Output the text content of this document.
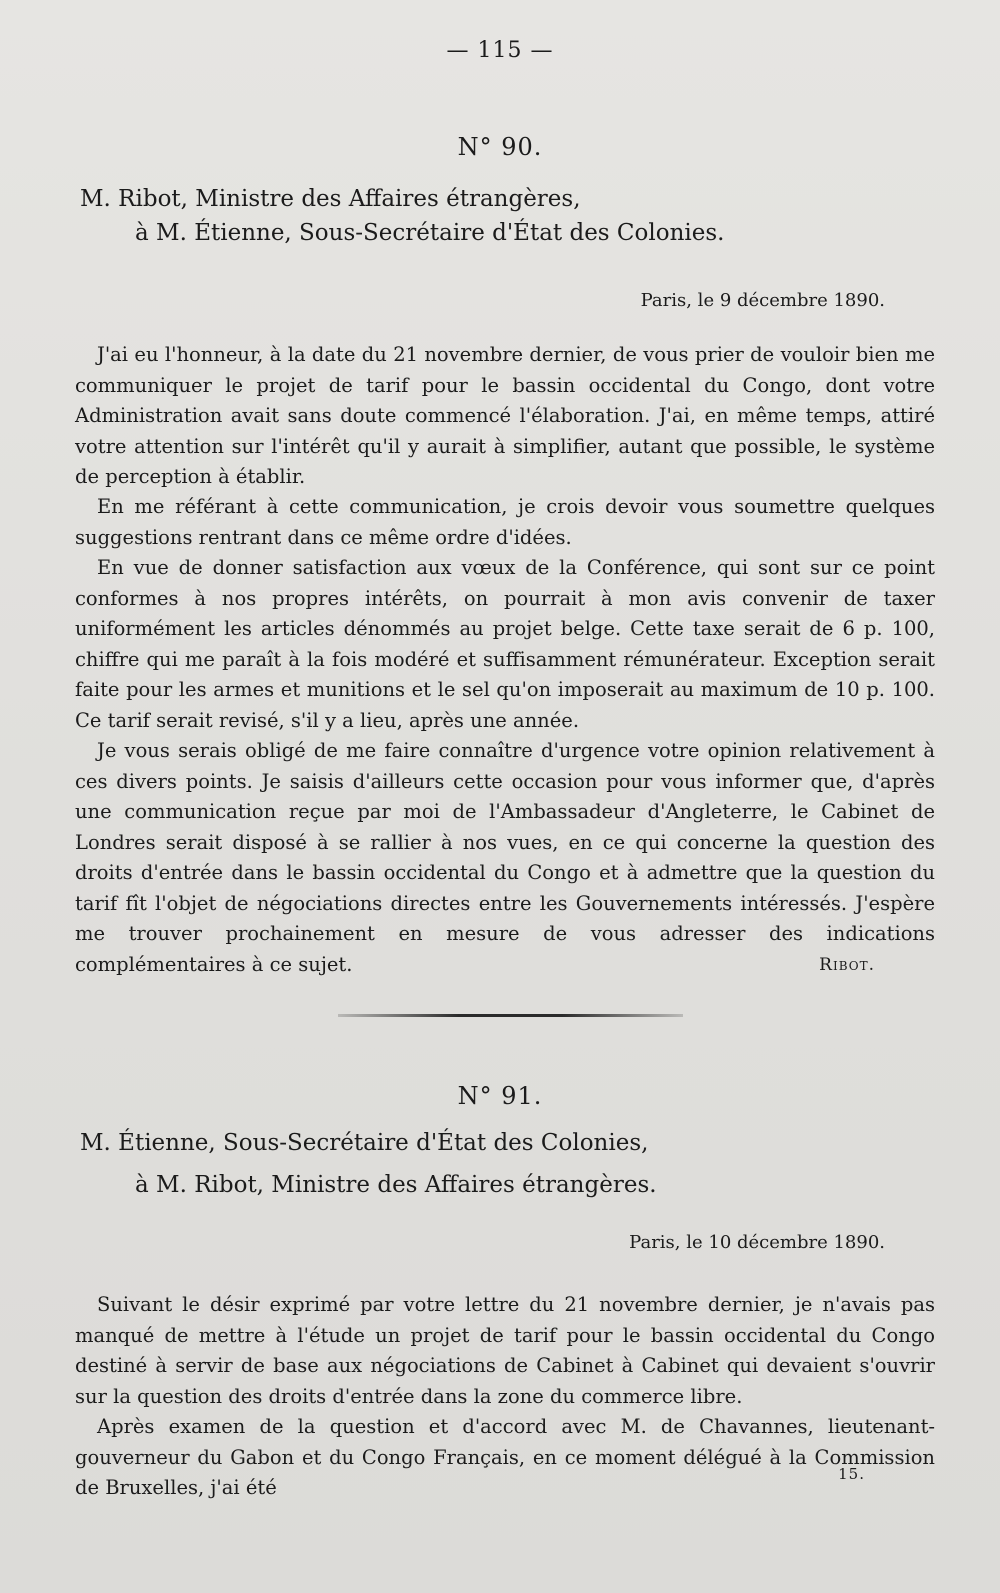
— 115 —
N° 90.
M. Ribot, Ministre des Affaires étrangères,
à M. Étienne, Sous-Secrétaire d'État des Colonies.
Paris, le 9 décembre 1890.

J'ai eu l'honneur, à la date du 21 novembre dernier, de vous prier de vouloir bien me communiquer le projet de tarif pour le bassin occidental du Congo, dont votre Administration avait sans doute commencé l'élaboration. J'ai, en même temps, attiré votre attention sur l'intérêt qu'il y aurait à simplifier, autant que possible, le système de perception à établir.

En me référant à cette communication, je crois devoir vous soumettre quelques suggestions rentrant dans ce même ordre d'idées.

En vue de donner satisfaction aux vœux de la Conférence, qui sont sur ce point conformes à nos propres intérêts, on pourrait à mon avis convenir de taxer uniformément les articles dénommés au projet belge. Cette taxe serait de 6 p. 100, chiffre qui me paraît à la fois modéré et suffisamment rémunérateur. Exception serait faite pour les armes et munitions et le sel qu'on imposerait au maximum de 10 p. 100. Ce tarif serait revisé, s'il y a lieu, après une année.

Je vous serais obligé de me faire connaître d'urgence votre opinion relativement à ces divers points. Je saisis d'ailleurs cette occasion pour vous informer que, d'après une communication reçue par moi de l'Ambassadeur d'Angleterre, le Cabinet de Londres serait disposé à se rallier à nos vues, en ce qui concerne la question des droits d'entrée dans le bassin occidental du Congo et à admettre que la question du tarif fît l'objet de négociations directes entre les Gouvernements intéressés. J'espère me trouver prochainement en mesure de vous adresser des indications complémentaires à ce sujet.	Ribot.
N° 91.
M. Étienne, Sous-Secrétaire d'État des Colonies,
à M. Ribot, Ministre des Affaires étrangères.
Paris, le 10 décembre 1890.

Suivant le désir exprimé par votre lettre du 21 novembre dernier, je n'avais pas manqué de mettre à l'étude un projet de tarif pour le bassin occidental du Congo destiné à servir de base aux négociations de Cabinet à Cabinet qui devaient s'ouvrir sur la question des droits d'entrée dans la zone du commerce libre.

Après examen de la question et d'accord avec M. de Chavannes, lieutenant-gouverneur du Gabon et du Congo Français, en ce moment délégué à la Commission de Bruxelles, j'ai été

15.
